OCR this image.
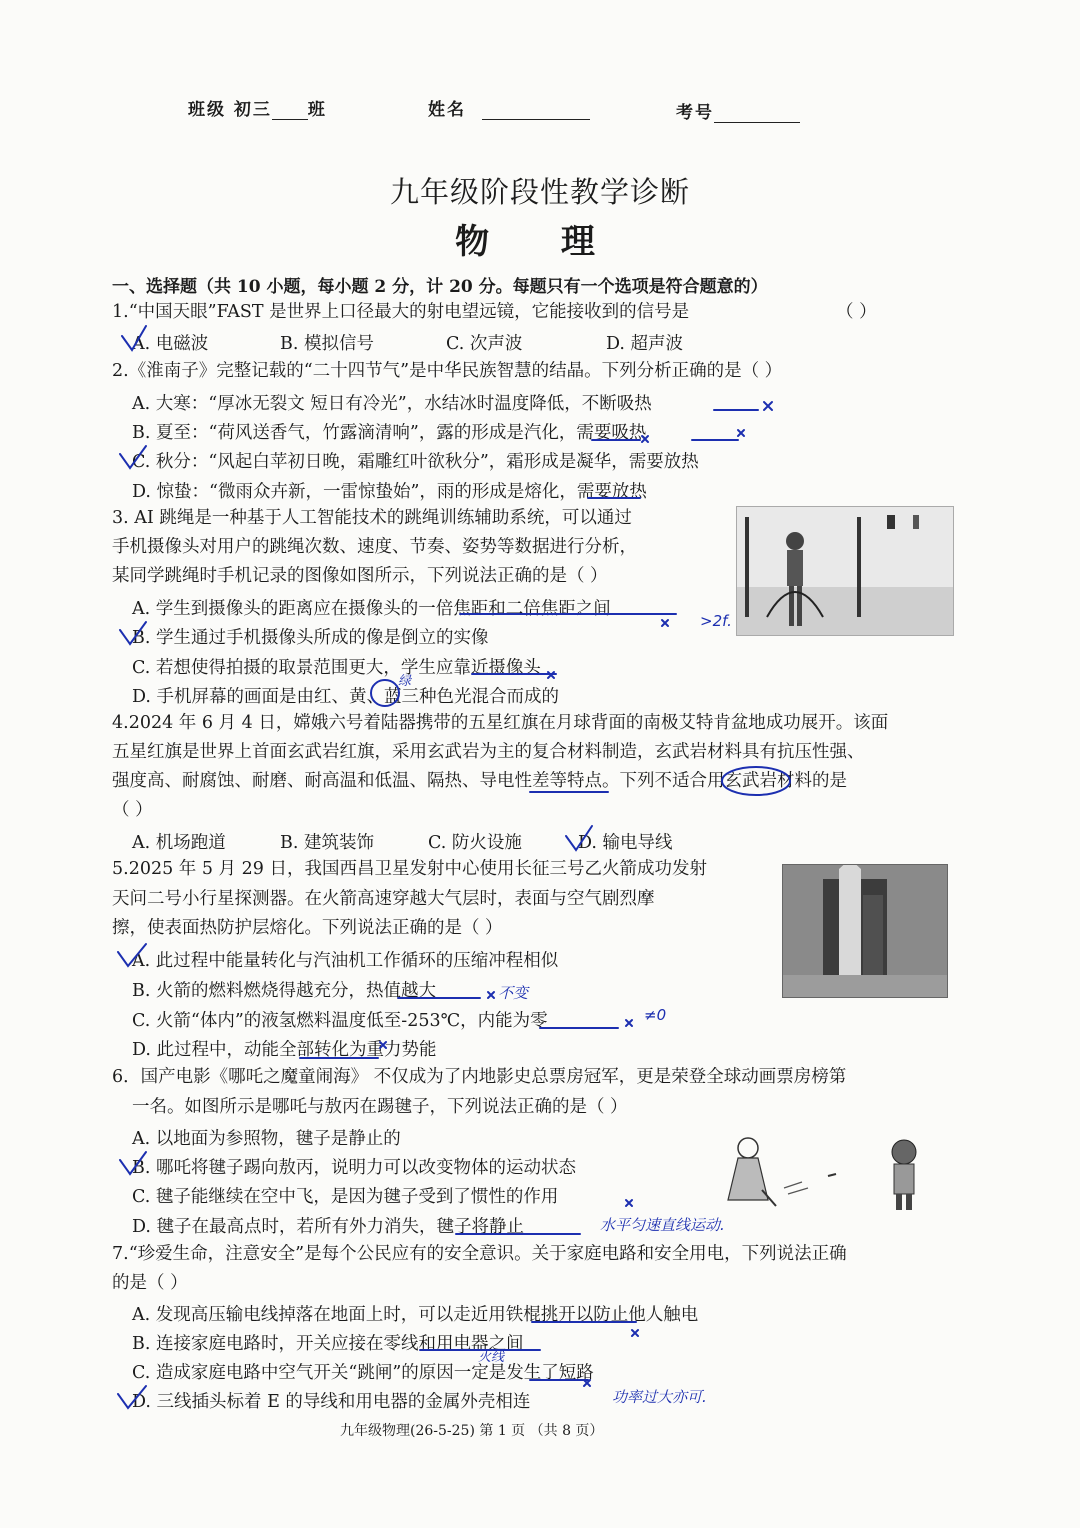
班级 初三 班	姓名	考号
九年级阶段性教学诊断
物 理
一、选择题（共 10 小题，每小题 2 分，计 20 分。每题只有一个选项是符合题意的）
1.“中国天眼”FAST 是世界上口径最大的射电望远镜，它能接收到的信号是	（ ）
A. 电磁波	B. 模拟信号	C. 次声波	D. 超声波
2.《淮南子》完整记载的“二十四节气”是中华民族智慧的结晶。下列分析正确的是（ ）
A. 大寒：“厚冰无裂文 短日有冷光”，水结冰时温度降低，不断吸热
B. 夏至：“荷风送香气，竹露滴清响”，露的形成是汽化，需要吸热
C. 秋分：“风起白苹初日晚，霜雕红叶欲秋分”，霜形成是凝华，需要放热
D. 惊蛰：“微雨众卉新，一雷惊蛰始”，雨的形成是熔化，需要放热
3. AI 跳绳是一种基于人工智能技术的跳绳训练辅助系统，可以通过
手机摄像头对用户的跳绳次数、速度、节奏、姿势等数据进行分析，
某同学跳绳时手机记录的图像如图所示，下列说法正确的是（ ）
A. 学生到摄像头的距离应在摄像头的一倍焦距和二倍焦距之间
B. 学生通过手机摄像头所成的像是倒立的实像
C. 若想使得拍摄的取景范围更大，学生应靠近摄像头
D. 手机屏幕的画面是由红、黄、蓝三种色光混合而成的
4.2024 年 6 月 4 日，嫦娥六号着陆器携带的五星红旗在月球背面的南极艾特肯盆地成功展开。该面
五星红旗是世界上首面玄武岩红旗，采用玄武岩为主的复合材料制造，玄武岩材料具有抗压性强、
强度高、耐腐蚀、耐磨、耐高温和低温、隔热、导电性差等特点。下列不适合用玄武岩材料的是
（ ）
A. 机场跑道	B. 建筑装饰	C. 防火设施	D. 输电导线
5.2025 年 5 月 29 日，我国西昌卫星发射中心使用长征三号乙火箭成功发射
天问二号小行星探测器。在火箭高速穿越大气层时，表面与空气剧烈摩
擦，使表面热防护层熔化。下列说法正确的是（ ）
A. 此过程中能量转化与汽油机工作循环的压缩冲程相似
B. 火箭的燃料燃烧得越充分，热值越大
C. 火箭“体内”的液氢燃料温度低至-253℃，内能为零
D. 此过程中，动能全部转化为重力势能
6．国产电影《哪吒之魔童闹海》 不仅成为了内地影史总票房冠军，更是荣登全球动画票房榜第
一名。如图所示是哪吒与敖丙在踢毽子，下列说法正确的是（ ）
A. 以地面为参照物，毽子是静止的
B. 哪吒将毽子踢向敖丙，说明力可以改变物体的运动状态
C. 毽子能继续在空中飞，是因为毽子受到了惯性的作用
D. 毽子在最高点时，若所有外力消失，毽子将静止
7.“珍爱生命，注意安全”是每个公民应有的安全意识。关于家庭电路和安全用电，下列说法正确
的是（ ）
A. 发现高压输电线掉落在地面上时，可以走近用铁棍挑开以防止他人触电
B. 连接家庭电路时，开关应接在零线和用电器之间
C. 造成家庭电路中空气开关“跳闸”的原因一定是发生了短路
D. 三线插头标着 E 的导线和用电器的金属外壳相连
九年级物理(26-5-25) 第 1 页 （共 8 页）
>2f.
绿
不变
≠0
水平匀速直线运动.
火线
功率过大亦可.
